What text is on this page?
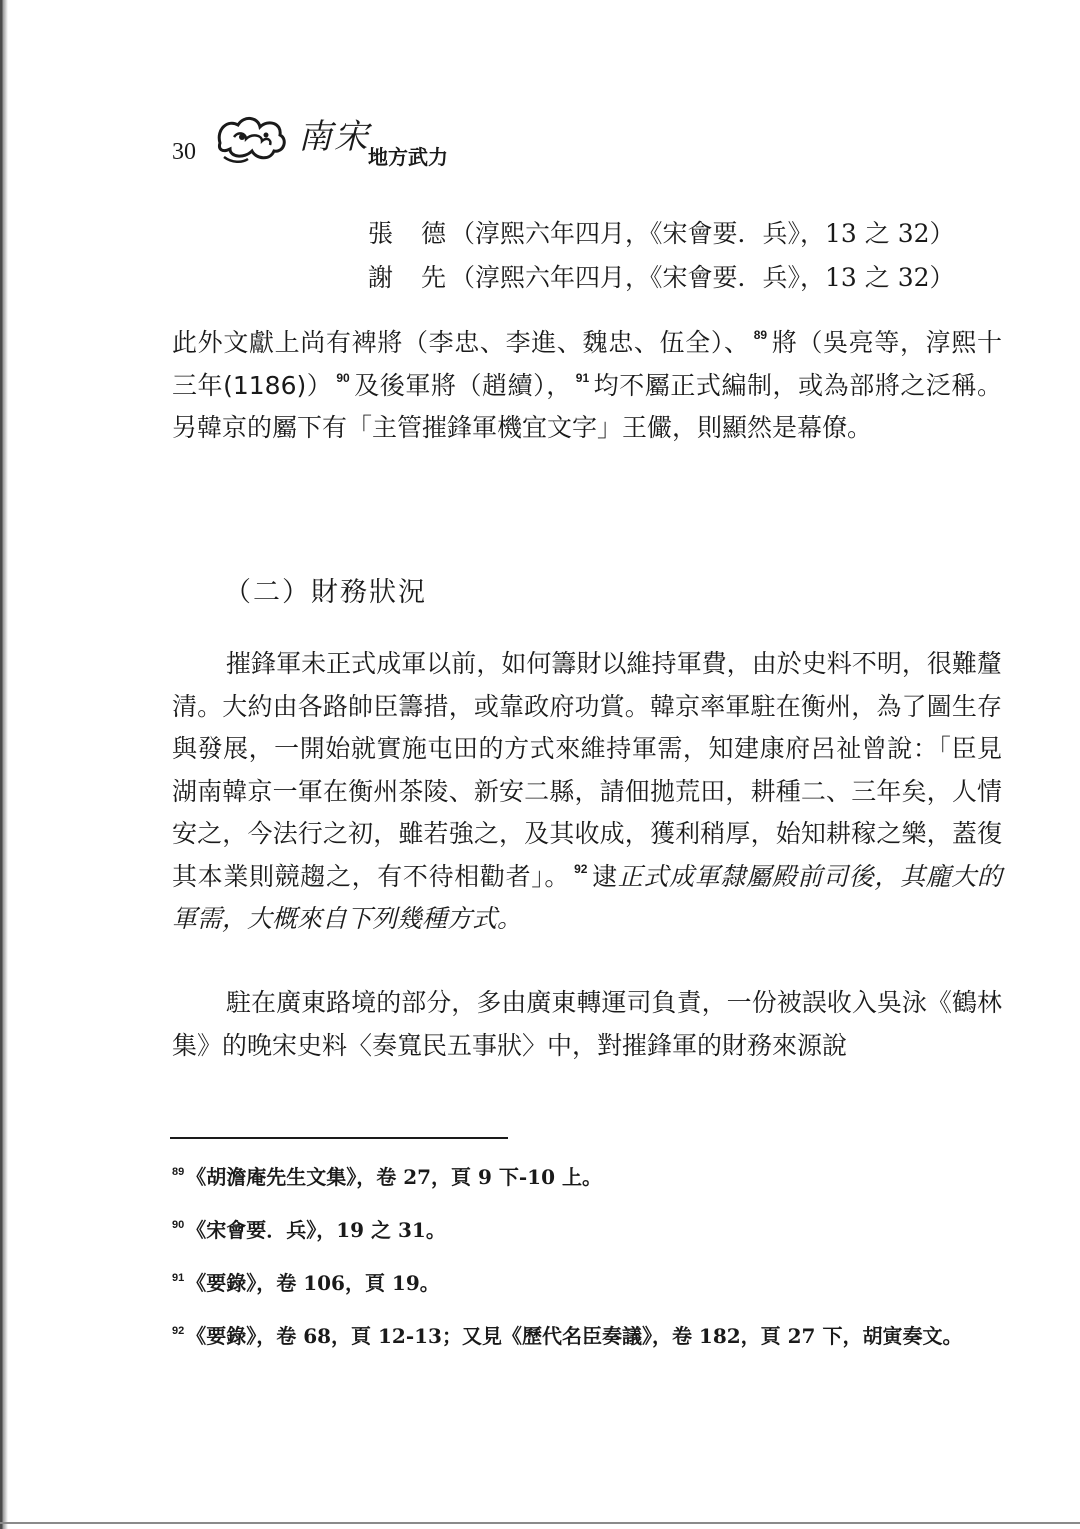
30	南宋
地方武力
張德（淳熙六年四月，《宋會要．兵》，13 之 32）
謝先（淳熙六年四月，《宋會要．兵》，13 之 32）
此外文獻上尚有裨將（李忠、李進、魏忠、伍全）、 $^{89}$ 將（吳亮等，淳熙十三年(1186)） $^{90}$ 及後軍將（趙續）， $^{91}$ 均不屬正式編制，或為部將之泛稱。另韓京的屬下有「主管摧鋒軍機宜文字」王儼，則顯然是幕僚。
（二）財務狀況
摧鋒軍未正式成軍以前，如何籌財以維持軍費，由於史料不明，很難釐清。大約由各路帥臣籌措，或靠政府功賞。韓京率軍駐在衡州，為了圖生存與發展，一開始就實施屯田的方式來維持軍需，知建康府呂祉曾說：「臣見湖南韓京一軍在衡州茶陵、新安二縣，請佃拋荒田，耕種二、三年矣，人情安之，今法行之初，雖若強之，及其收成，獲利稍厚，始知耕稼之樂，蓋復其本業則競趨之，有不待相勸者」。 $^{92}$ 逮正式成軍隸屬殿前司後，其龐大的軍需，大概來自下列幾種方式。
駐在廣東路境的部分，多由廣東轉運司負責，一份被誤收入吳泳《鶴林集》的晚宋史料〈奏寬民五事狀〉中，對摧鋒軍的財務來源說
$^{89}$ 《胡澹庵先生文集》，卷 27，頁 9 下-10 上。
$^{90}$ 《宋會要．兵》，19 之 31。
$^{91}$ 《要錄》，卷 106，頁 19。
$^{92}$ 《要錄》，卷 68，頁 12-13；又見《歷代名臣奏議》，卷 182，頁 27 下，胡寅奏文。
